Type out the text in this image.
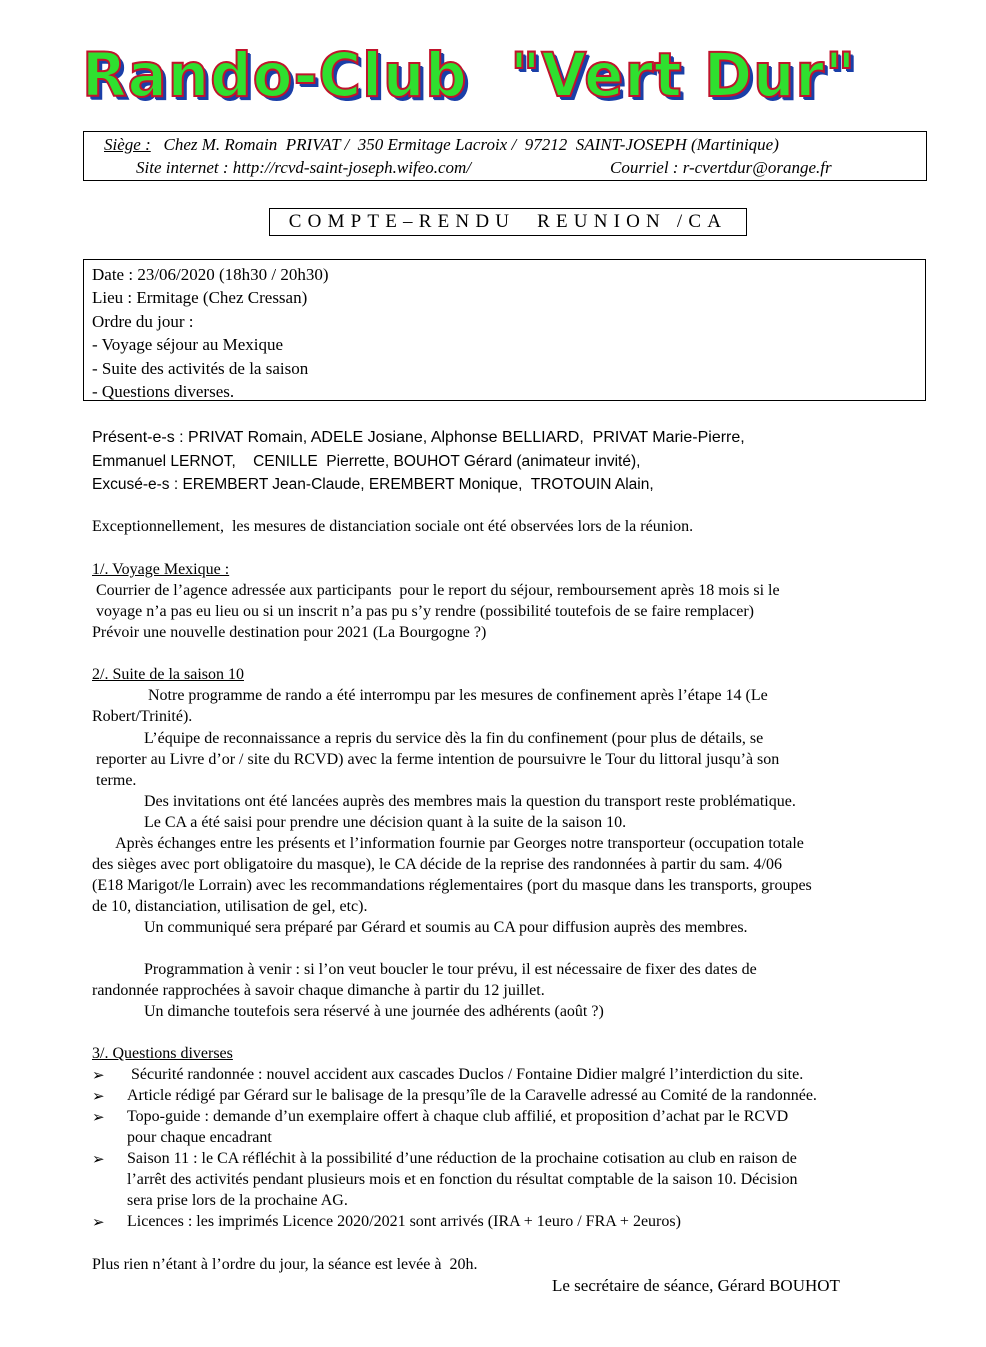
Rando-Club  "Vert Dur"
Siège :   Chez M. Romain  PRIVAT /  350 Ermitage Lacroix /  97212  SAINT-JOSEPH (Martinique)
Site internet : http://rcvd-saint-joseph.wifeo.com/	Courriel : r-cvertdur@orange.fr
COMPTE–RENDU  REUNION /CA
Date : 23/06/2020 (18h30 / 20h30)
Lieu : Ermitage (Chez Cressan)
Ordre du jour :
- Voyage séjour au Mexique
- Suite des activités de la saison
- Questions diverses.
Présent-e-s : PRIVAT Romain, ADELE Josiane, Alphonse BELLIARD,  PRIVAT Marie-Pierre,
Emmanuel LERNOT,    CENILLE  Pierrette, BOUHOT Gérard (animateur invité),
Excusé-e-s : EREMBERT Jean-Claude, EREMBERT Monique,  TROTOUIN Alain,
Exceptionnellement,  les mesures de distanciation sociale ont été observées lors de la réunion.
1/. Voyage Mexique :
Courrier de l’agence adressée aux participants  pour le report du séjour, remboursement après 18 mois si le
voyage n’a pas eu lieu ou si un inscrit n’a pas pu s’y rendre (possibilité toutefois de se faire remplacer)
Prévoir une nouvelle destination pour 2021 (La Bourgogne ?)
2/. Suite de la saison 10
Notre programme de rando a été interrompu par les mesures de confinement après l’étape 14 (Le
Robert/Trinité).
L’équipe de reconnaissance a repris du service dès la fin du confinement (pour plus de détails, se
reporter au Livre d’or / site du RCVD) avec la ferme intention de poursuivre le Tour du littoral jusqu’à son
terme.
Des invitations ont été lancées auprès des membres mais la question du transport reste problématique.
Le CA a été saisi pour prendre une décision quant à la suite de la saison 10.
Après échanges entre les présents et l’information fournie par Georges notre transporteur (occupation totale
des sièges avec port obligatoire du masque), le CA décide de la reprise des randonnées à partir du sam. 4/06
(E18 Marigot/le Lorrain) avec les recommandations réglementaires (port du masque dans les transports, groupes
de 10, distanciation, utilisation de gel, etc).
Un communiqué sera préparé par Gérard et soumis au CA pour diffusion auprès des membres.
Programmation à venir : si l’on veut boucler le tour prévu, il est nécessaire de fixer des dates de
randonnée rapprochées à savoir chaque dimanche à partir du 12 juillet.
Un dimanche toutefois sera réservé à une journée des adhérents (août ?)
3/. Questions diverses
➢ Sécurité randonnée : nouvel accident aux cascades Duclos / Fontaine Didier malgré l’interdiction du site.
➢ Article rédigé par Gérard sur le balisage de la presqu’île de la Caravelle adressé au Comité de la randonnée.
➢ Topo-guide : demande d’un exemplaire offert à chaque club affilié, et proposition d’achat par le RCVD
pour chaque encadrant
➢ Saison 11 : le CA réfléchit à la possibilité d’une réduction de la prochaine cotisation au club en raison de
l’arrêt des activités pendant plusieurs mois et en fonction du résultat comptable de la saison 10. Décision
sera prise lors de la prochaine AG.
➢ Licences : les imprimés Licence 2020/2021 sont arrivés (IRA + 1euro / FRA + 2euros)
Plus rien n’étant à l’ordre du jour, la séance est levée à  20h.
Le secrétaire de séance, Gérard BOUHOT
